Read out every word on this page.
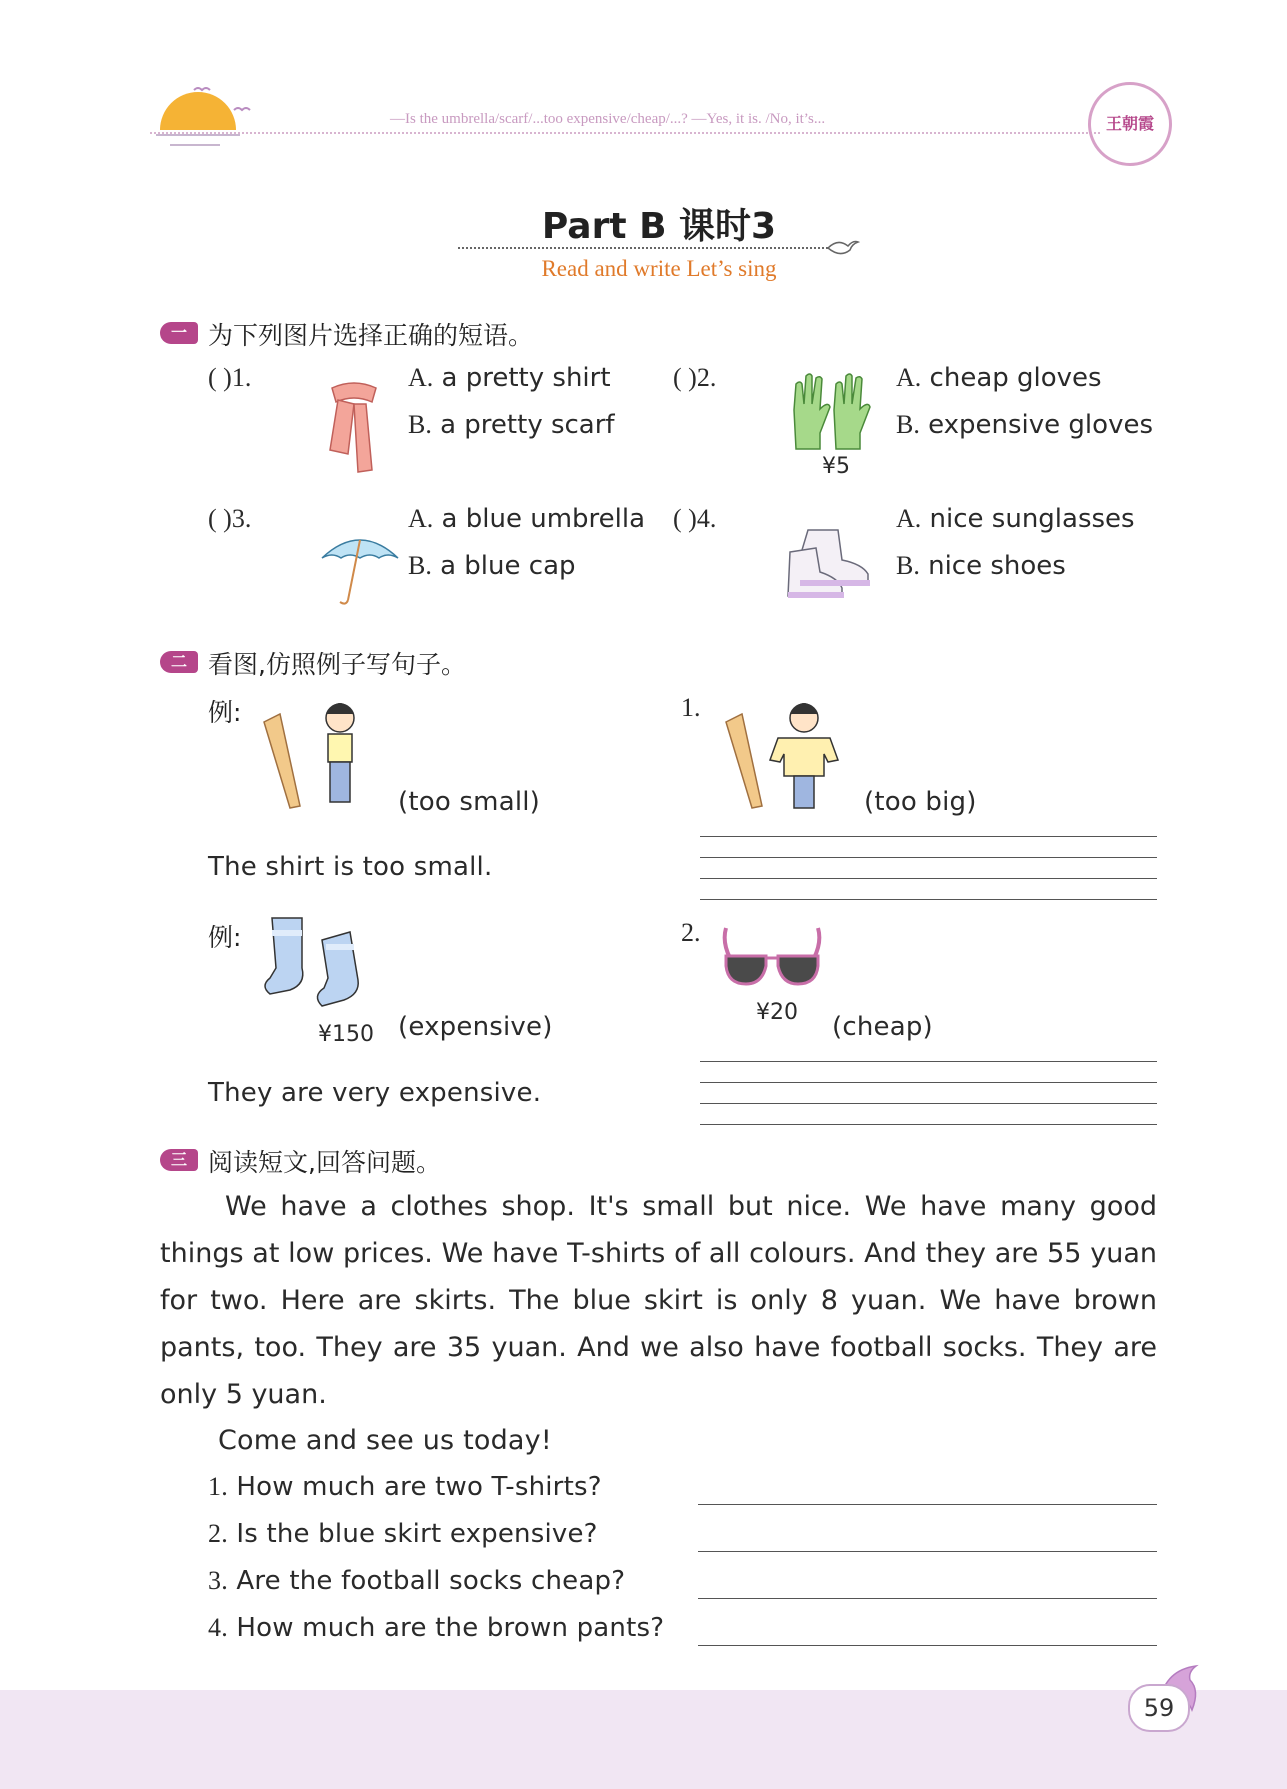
—Is the umbrella/scarf/...too expensive/cheap/...? —Yes, it is. /No, it’s...	王朝霞
Part B 课时3
Read and write Let’s sing
一 为下列图片选择正确的短语。
( )1.	A. a pretty shirt
B. a pretty scarf
( )2.
¥5
A. cheap gloves
B. expensive gloves
( )3.	A. a blue umbrella
B. a blue cap
( )4.	A. nice sunglasses
B. nice shoes
二 看图,仿照例子写句子。
例:
(too small)
The shirt is too small.
1.
(too big)
例:
¥150 (expensive)
They are very expensive.
2.
¥20 (cheap)
三 阅读短文,回答问题。
We have a clothes shop. It's small but nice. We have many good things at low prices. We have T-shirts of all colours. And they are 55 yuan for two. Here are skirts. The blue skirt is only 8 yuan. We have brown pants, too. They are 35 yuan. And we also have football socks. They are only 5 yuan.
Come and see us today!
1. How much are two T-shirts?
2. Is the blue skirt expensive?
3. Are the football socks cheap?
4. How much are the brown pants?
59
